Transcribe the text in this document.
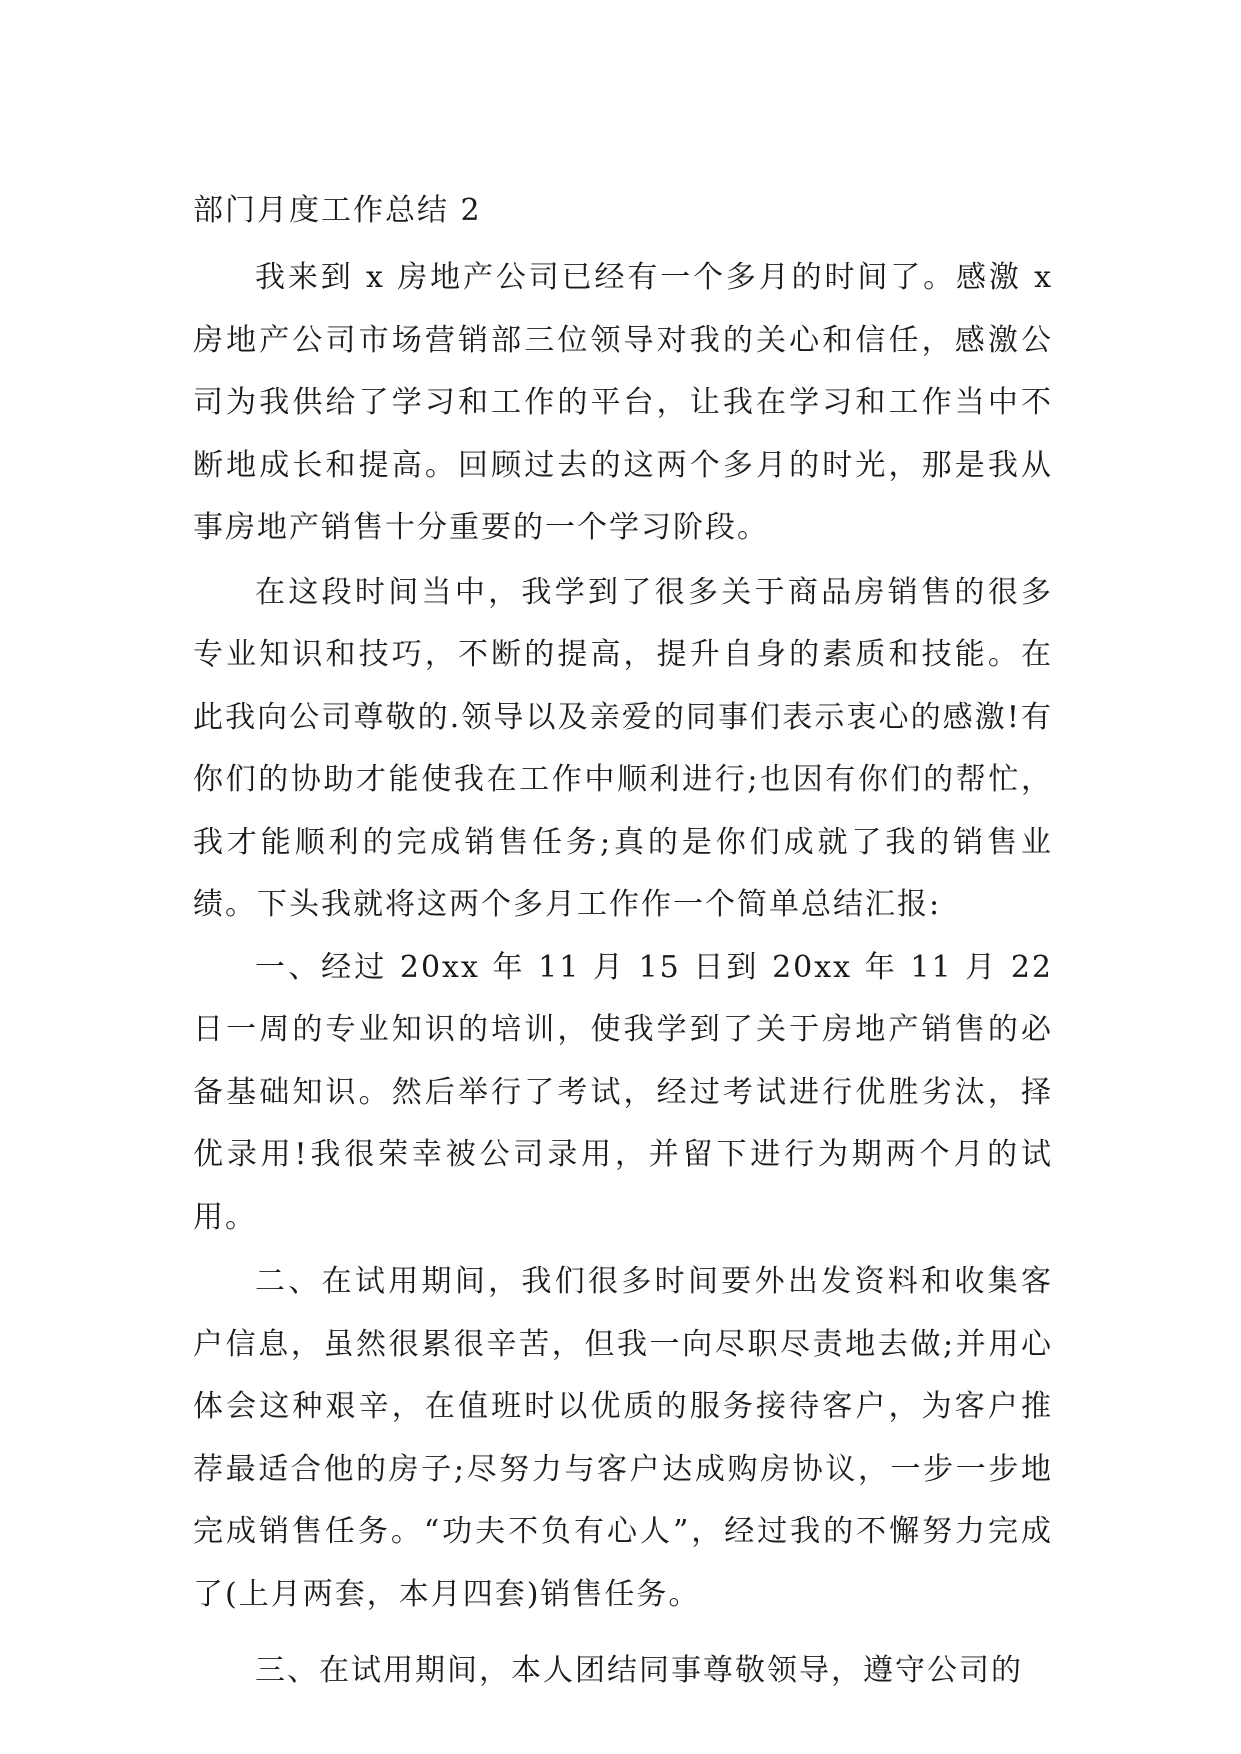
部门月度工作总结 2

我来到 x 房地产公司已经有一个多月的时间了。感激 x 房地产公司市场营销部三位领导对我的关心和信任，感激公司为我供给了学习和工作的平台，让我在学习和工作当中不断地成长和提高。回顾过去的这两个多月的时光，那是我从事房地产销售十分重要的一个学习阶段。

在这段时间当中，我学到了很多关于商品房销售的很多专业知识和技巧，不断的提高，提升自身的素质和技能。在此我向公司尊敬的.领导以及亲爱的同事们表示衷心的感激!有你们的协助才能使我在工作中顺利进行;也因有你们的帮忙，我才能顺利的完成销售任务;真的是你们成就了我的销售业绩。下头我就将这两个多月工作作一个简单总结汇报:

一、经过 20xx 年 11 月 15 日到 20xx 年 11 月 22 日一周的专业知识的培训，使我学到了关于房地产销售的必备基础知识。然后举行了考试，经过考试进行优胜劣汰，择优录用!我很荣幸被公司录用，并留下进行为期两个月的试用。

二、在试用期间，我们很多时间要外出发资料和收集客户信息，虽然很累很辛苦，但我一向尽职尽责地去做;并用心体会这种艰辛，在值班时以优质的服务接待客户，为客户推荐最适合他的房子;尽努力与客户达成购房协议，一步一步地完成销售任务。“功夫不负有心人”，经过我的不懈努力完成了(上月两套，本月四套)销售任务。

三、在试用期间，本人团结同事尊敬领导，遵守公司的
